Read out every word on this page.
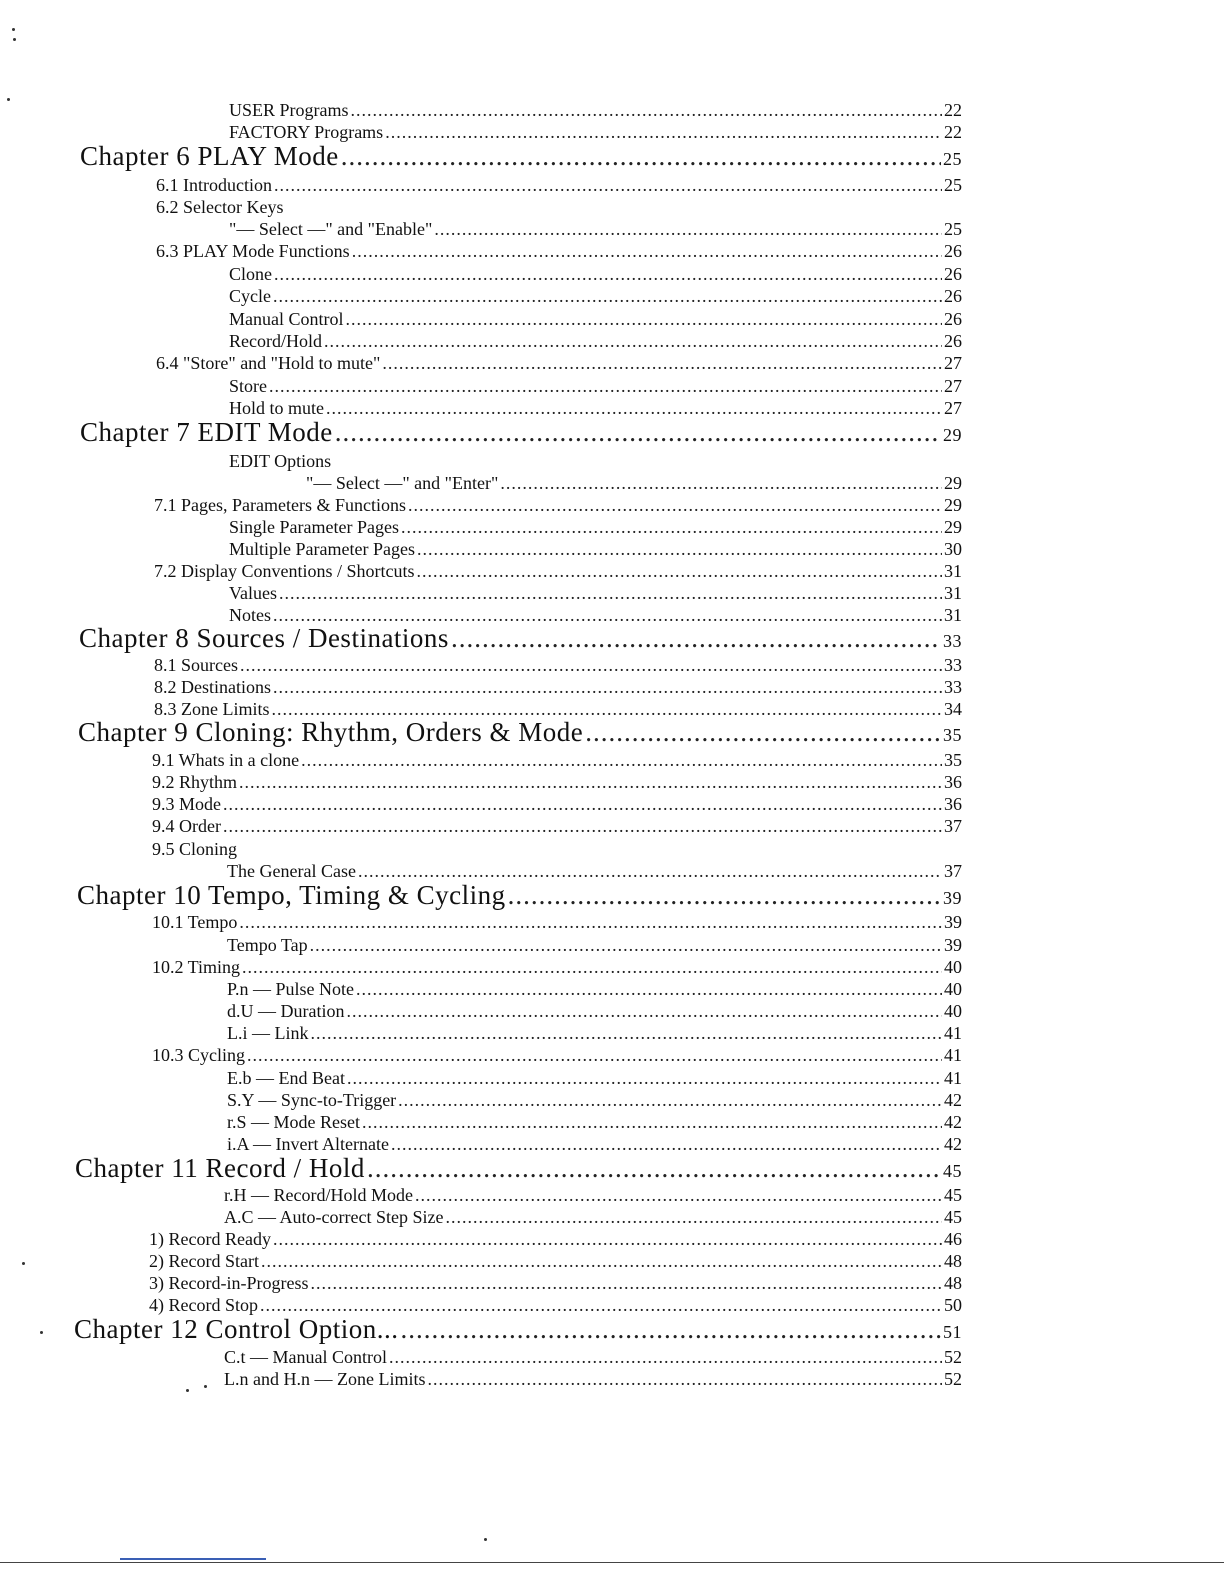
USER Programs .....	22
FACTORY Programs .....	22
Chapter 6 PLAY Mode .....	25
6.1 Introduction .....	25
6.2 Selector Keys
"— Select —" and "Enable" .....	25
6.3 PLAY Mode Functions .....	26
Clone .....	26
Cycle .....	26
Manual Control .....	26
Record/Hold .....	26
6.4 "Store" and "Hold to mute" .....	27
Store .....	27
Hold to mute .....	27
Chapter 7 EDIT Mode .....	29
EDIT Options
"— Select —" and "Enter" .....	29
7.1 Pages, Parameters & Functions .....	29
Single Parameter Pages .....	29
Multiple Parameter Pages .....	30
7.2 Display Conventions / Shortcuts .....	31
Values .....	31
Notes .....	31
Chapter 8 Sources / Destinations .....	33
8.1 Sources .....	33
8.2 Destinations .....	33
8.3 Zone Limits .....	34
Chapter 9 Cloning: Rhythm, Orders & Mode .....	35
9.1 Whats in a clone .....	35
9.2 Rhythm .....	36
9.3 Mode .....	36
9.4 Order .....	37
9.5 Cloning
The General Case .....	37
Chapter 10 Tempo, Timing & Cycling .....	39
10.1 Tempo .....	39
Tempo Tap .....	39
10.2 Timing .....	40
P.n — Pulse Note .....	40
d.U — Duration .....	40
L.i — Link .....	41
10.3 Cycling .....	41
E.b — End Beat .....	41
S.Y — Sync-to-Trigger .....	42
r.S — Mode Reset .....	42
i.A — Invert Alternate .....	42
Chapter 11 Record / Hold .....	45
r.H — Record/Hold Mode .....	45
A.C — Auto-correct Step Size .....	45
1) Record Ready .....	46
2) Record Start .....	48
3) Record-in-Progress .....	48
4) Record Stop .....	50
Chapter 12 Control Option... .....	51
C.t — Manual Control .....	52
L.n and H.n — Zone Limits .....	52
